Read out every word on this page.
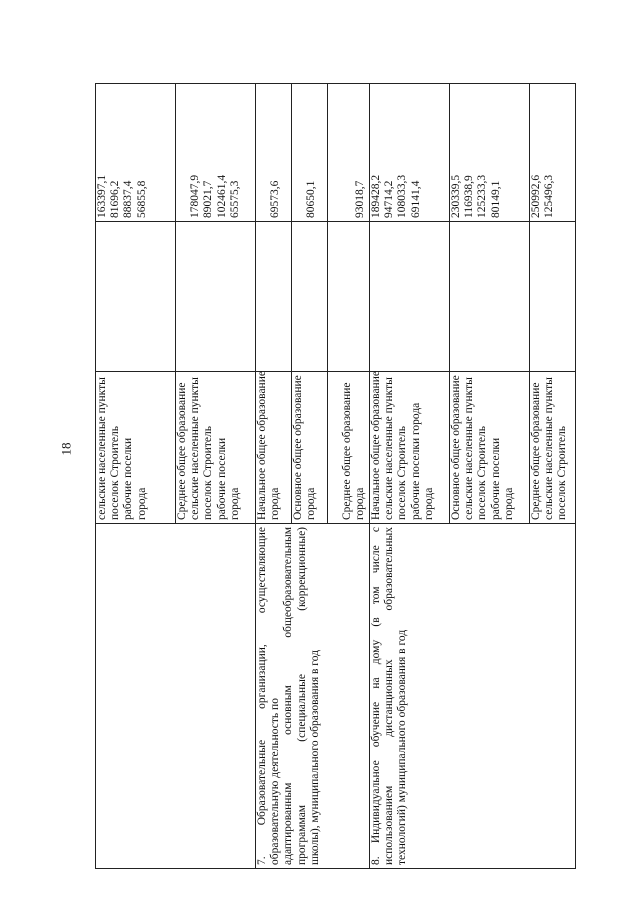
18

	сельские населенные пункты поселок Строитель рабочие поселки города		163397,1 81696,2 88837,4 56855,8

	Среднее общее образование сельские населенные пункты поселок Строитель рабочие поселки города		178047,9 89021,7 102461,4 65575,3

7. Образовательные организации, осуществляющие образовательную деятельность по адаптированным основным общеобразовательным программам (специальные (коррекционные) школы), муниципального образования в год	Начальное общее образование города		69573,6

	Основное общее образование города		80650,1

	Среднее общее образование города		93018,7

8. Индивидуальное обучение на дому (в том числе с использованием дистанционных образовательных технологий) муниципального образования в год	Начальное общее образование сельские населенные пункты поселок Строитель рабочие поселки города города		189428,2 94714,2 108033,3 69141,4

	Основное общее образование сельские населенные пункты поселок Строитель рабочие поселки города		230339,5 116938,9 125233,3 80149,1

	Среднее общее образование сельские населенные пункты поселок Строитель		250992,6 125496,3
